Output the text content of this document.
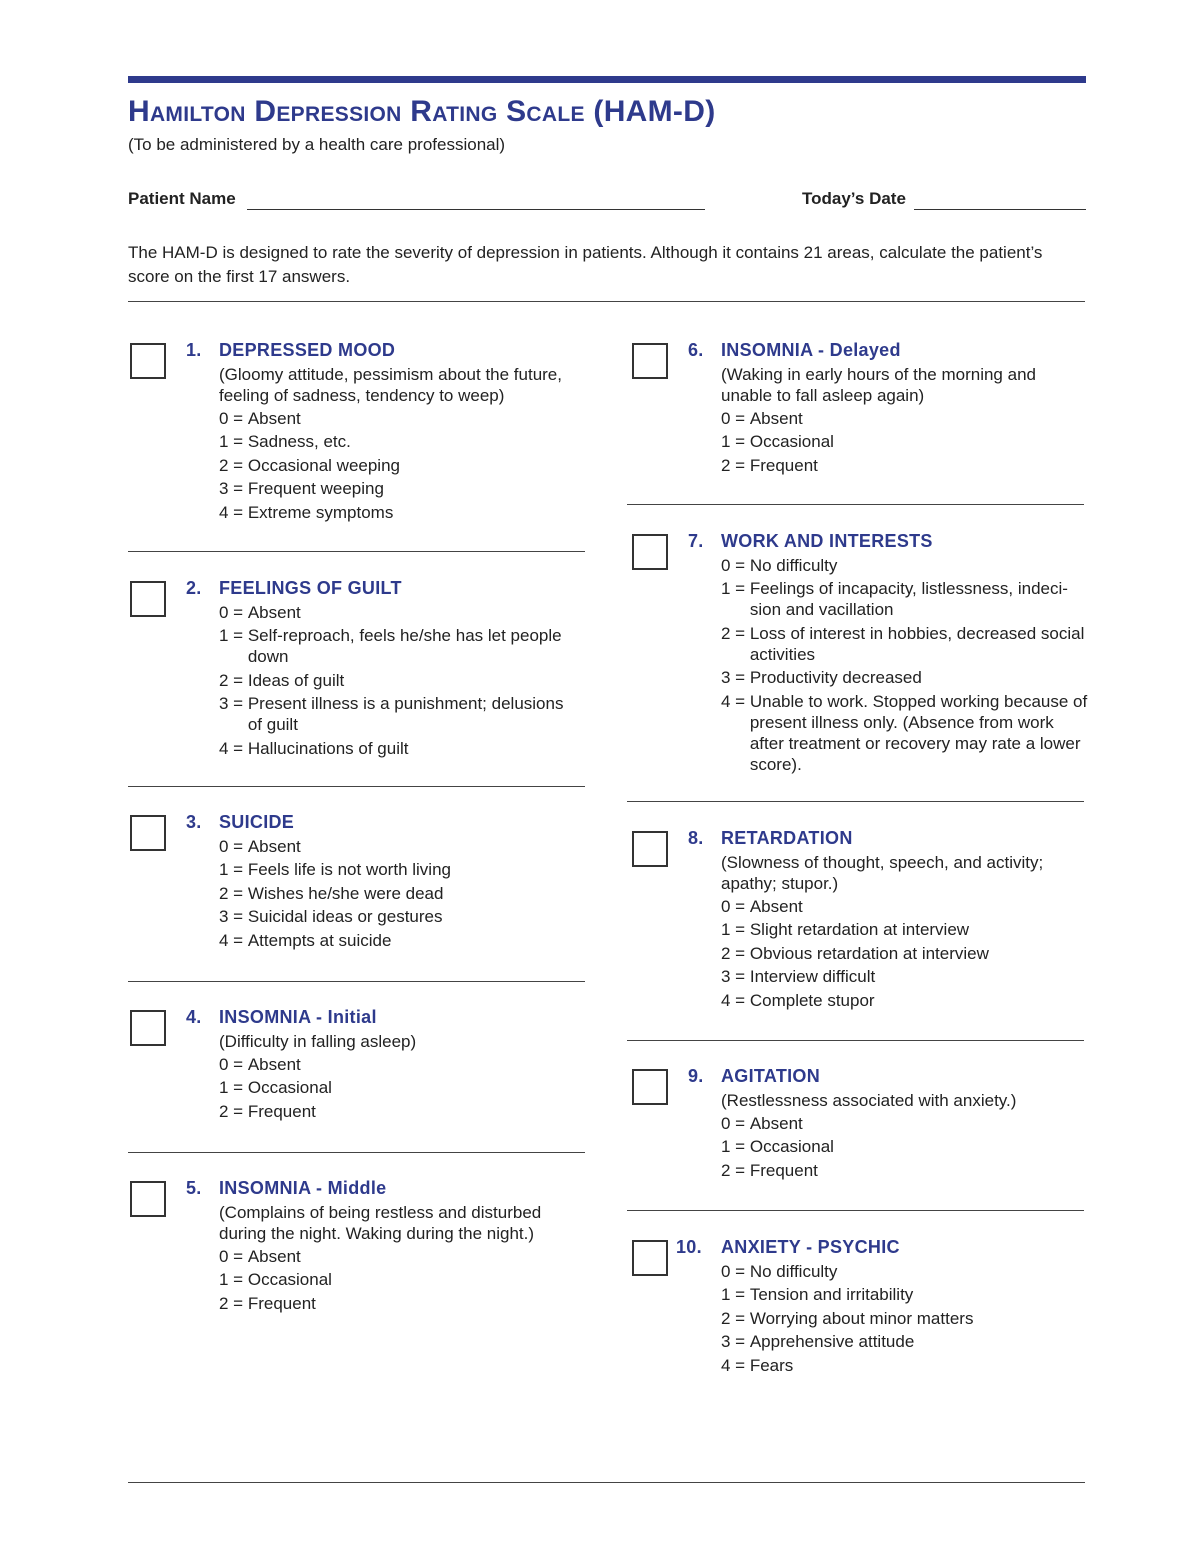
Hamilton Depression Rating Scale (HAM-D)
(To be administered by a health care professional)
Patient Name	Today’s Date
The HAM-D is designed to rate the severity of depression in patients. Although it contains 21 areas, calculate the patient’s score on the first 17 answers.
1. DEPRESSED MOOD
(Gloomy attitude, pessimism about the future, feeling of sadness, tendency to weep)
0 = Absent
1 = Sadness, etc.
2 = Occasional weeping
3 = Frequent weeping
4 = Extreme symptoms
2. FEELINGS OF GUILT
0 = Absent
1 = Self-reproach, feels he/she has let people down
2 = Ideas of guilt
3 = Present illness is a punishment; delusions of guilt
4 = Hallucinations of guilt
3. SUICIDE
0 = Absent
1 = Feels life is not worth living
2 = Wishes he/she were dead
3 = Suicidal ideas or gestures
4 = Attempts at suicide
4. INSOMNIA - Initial
(Difficulty in falling asleep)
0 = Absent
1 = Occasional
2 = Frequent
5. INSOMNIA - Middle
(Complains of being restless and disturbed during the night. Waking during the night.)
0 = Absent
1 = Occasional
2 = Frequent
6. INSOMNIA - Delayed
(Waking in early hours of the morning and unable to fall asleep again)
0 = Absent
1 = Occasional
2 = Frequent
7. WORK AND INTERESTS
0 = No difficulty
1 = Feelings of incapacity, listlessness, indeci-sion and vacillation
2 = Loss of interest in hobbies, decreased social activities
3 = Productivity decreased
4 = Unable to work. Stopped working because of present illness only. (Absence from work after treatment or recovery may rate a lower score).
8. RETARDATION
(Slowness of thought, speech, and activity; apathy; stupor.)
0 = Absent
1 = Slight retardation at interview
2 = Obvious retardation at interview
3 = Interview difficult
4 = Complete stupor
9. AGITATION
(Restlessness associated with anxiety.)
0 = Absent
1 = Occasional
2 = Frequent
10. ANXIETY - PSYCHIC
0 = No difficulty
1 = Tension and irritability
2 = Worrying about minor matters
3 = Apprehensive attitude
4 = Fears
